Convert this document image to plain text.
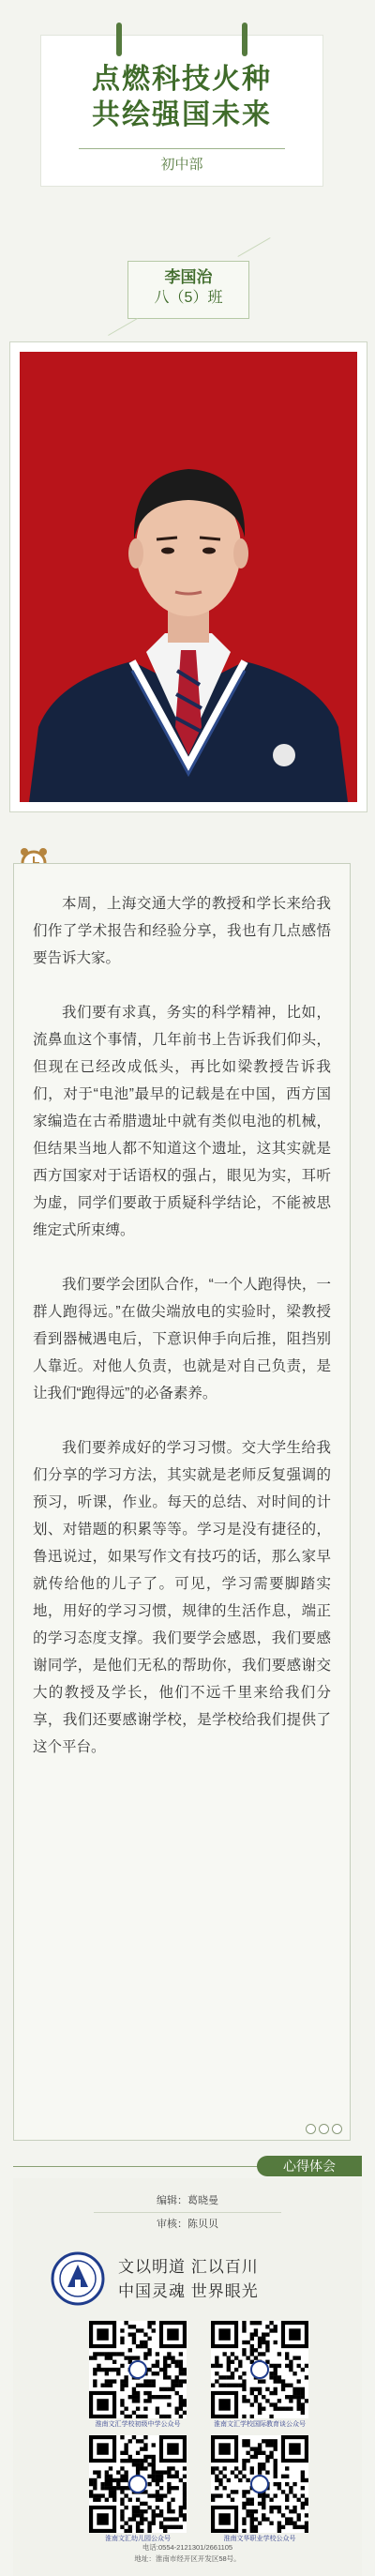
点燃科技火种
共绘强国未来
初中部
李国治
八（5）班

本周，上海交通大学的教授和学长来给我们作了学术报告和经验分享，我也有几点感悟要告诉大家。

我们要有求真，务实的科学精神，比如，流鼻血这个事情，几年前书上告诉我们仰头，但现在已经改成低头，再比如梁教授告诉我们，对于“电池”最早的记载是在中国，西方国家编造在古希腊遗址中就有类似电池的机械，但结果当地人都不知道这个遗址，这其实就是西方国家对于话语权的强占，眼见为实，耳听为虚，同学们要敢于质疑科学结论，不能被思维定式所束缚。

我们要学会团队合作，“一个人跑得快，一群人跑得远。”在做尖端放电的实验时，梁教授看到器械遇电后，下意识伸手向后推，阻挡别人靠近。对他人负责，也就是对自己负责，是让我们“跑得远”的必备素养。

我们要养成好的学习习惯。交大学生给我们分享的学习方法，其实就是老师反复强调的预习，听课，作业。每天的总结、对时间的计划、对错题的积累等等。学习是没有捷径的，鲁迅说过，如果写作文有技巧的话，那么家早就传给他的儿子了。可见，学习需要脚踏实地，用好的学习习惯，规律的生活作息，端正的学习态度支撑。我们要学会感恩，我们要感谢同学，是他们无私的帮助你，我们要感谢交大的教授及学长，他们不远千里来给我们分享，我们还要感谢学校，是学校给我们提供了这个平台。

心得体会
编辑：葛晓曼
审核：陈贝贝
文以明道 汇以百川
中国灵魂 世界眼光
淮南文汇学校初级中学公众号	淮南文汇学校国际教育谈公众号
淮南文汇幼儿园公众号	淮南文华职业学校公众号
电话:0554-2121301/2661105
地址：淮南市经开区开发区58号。
